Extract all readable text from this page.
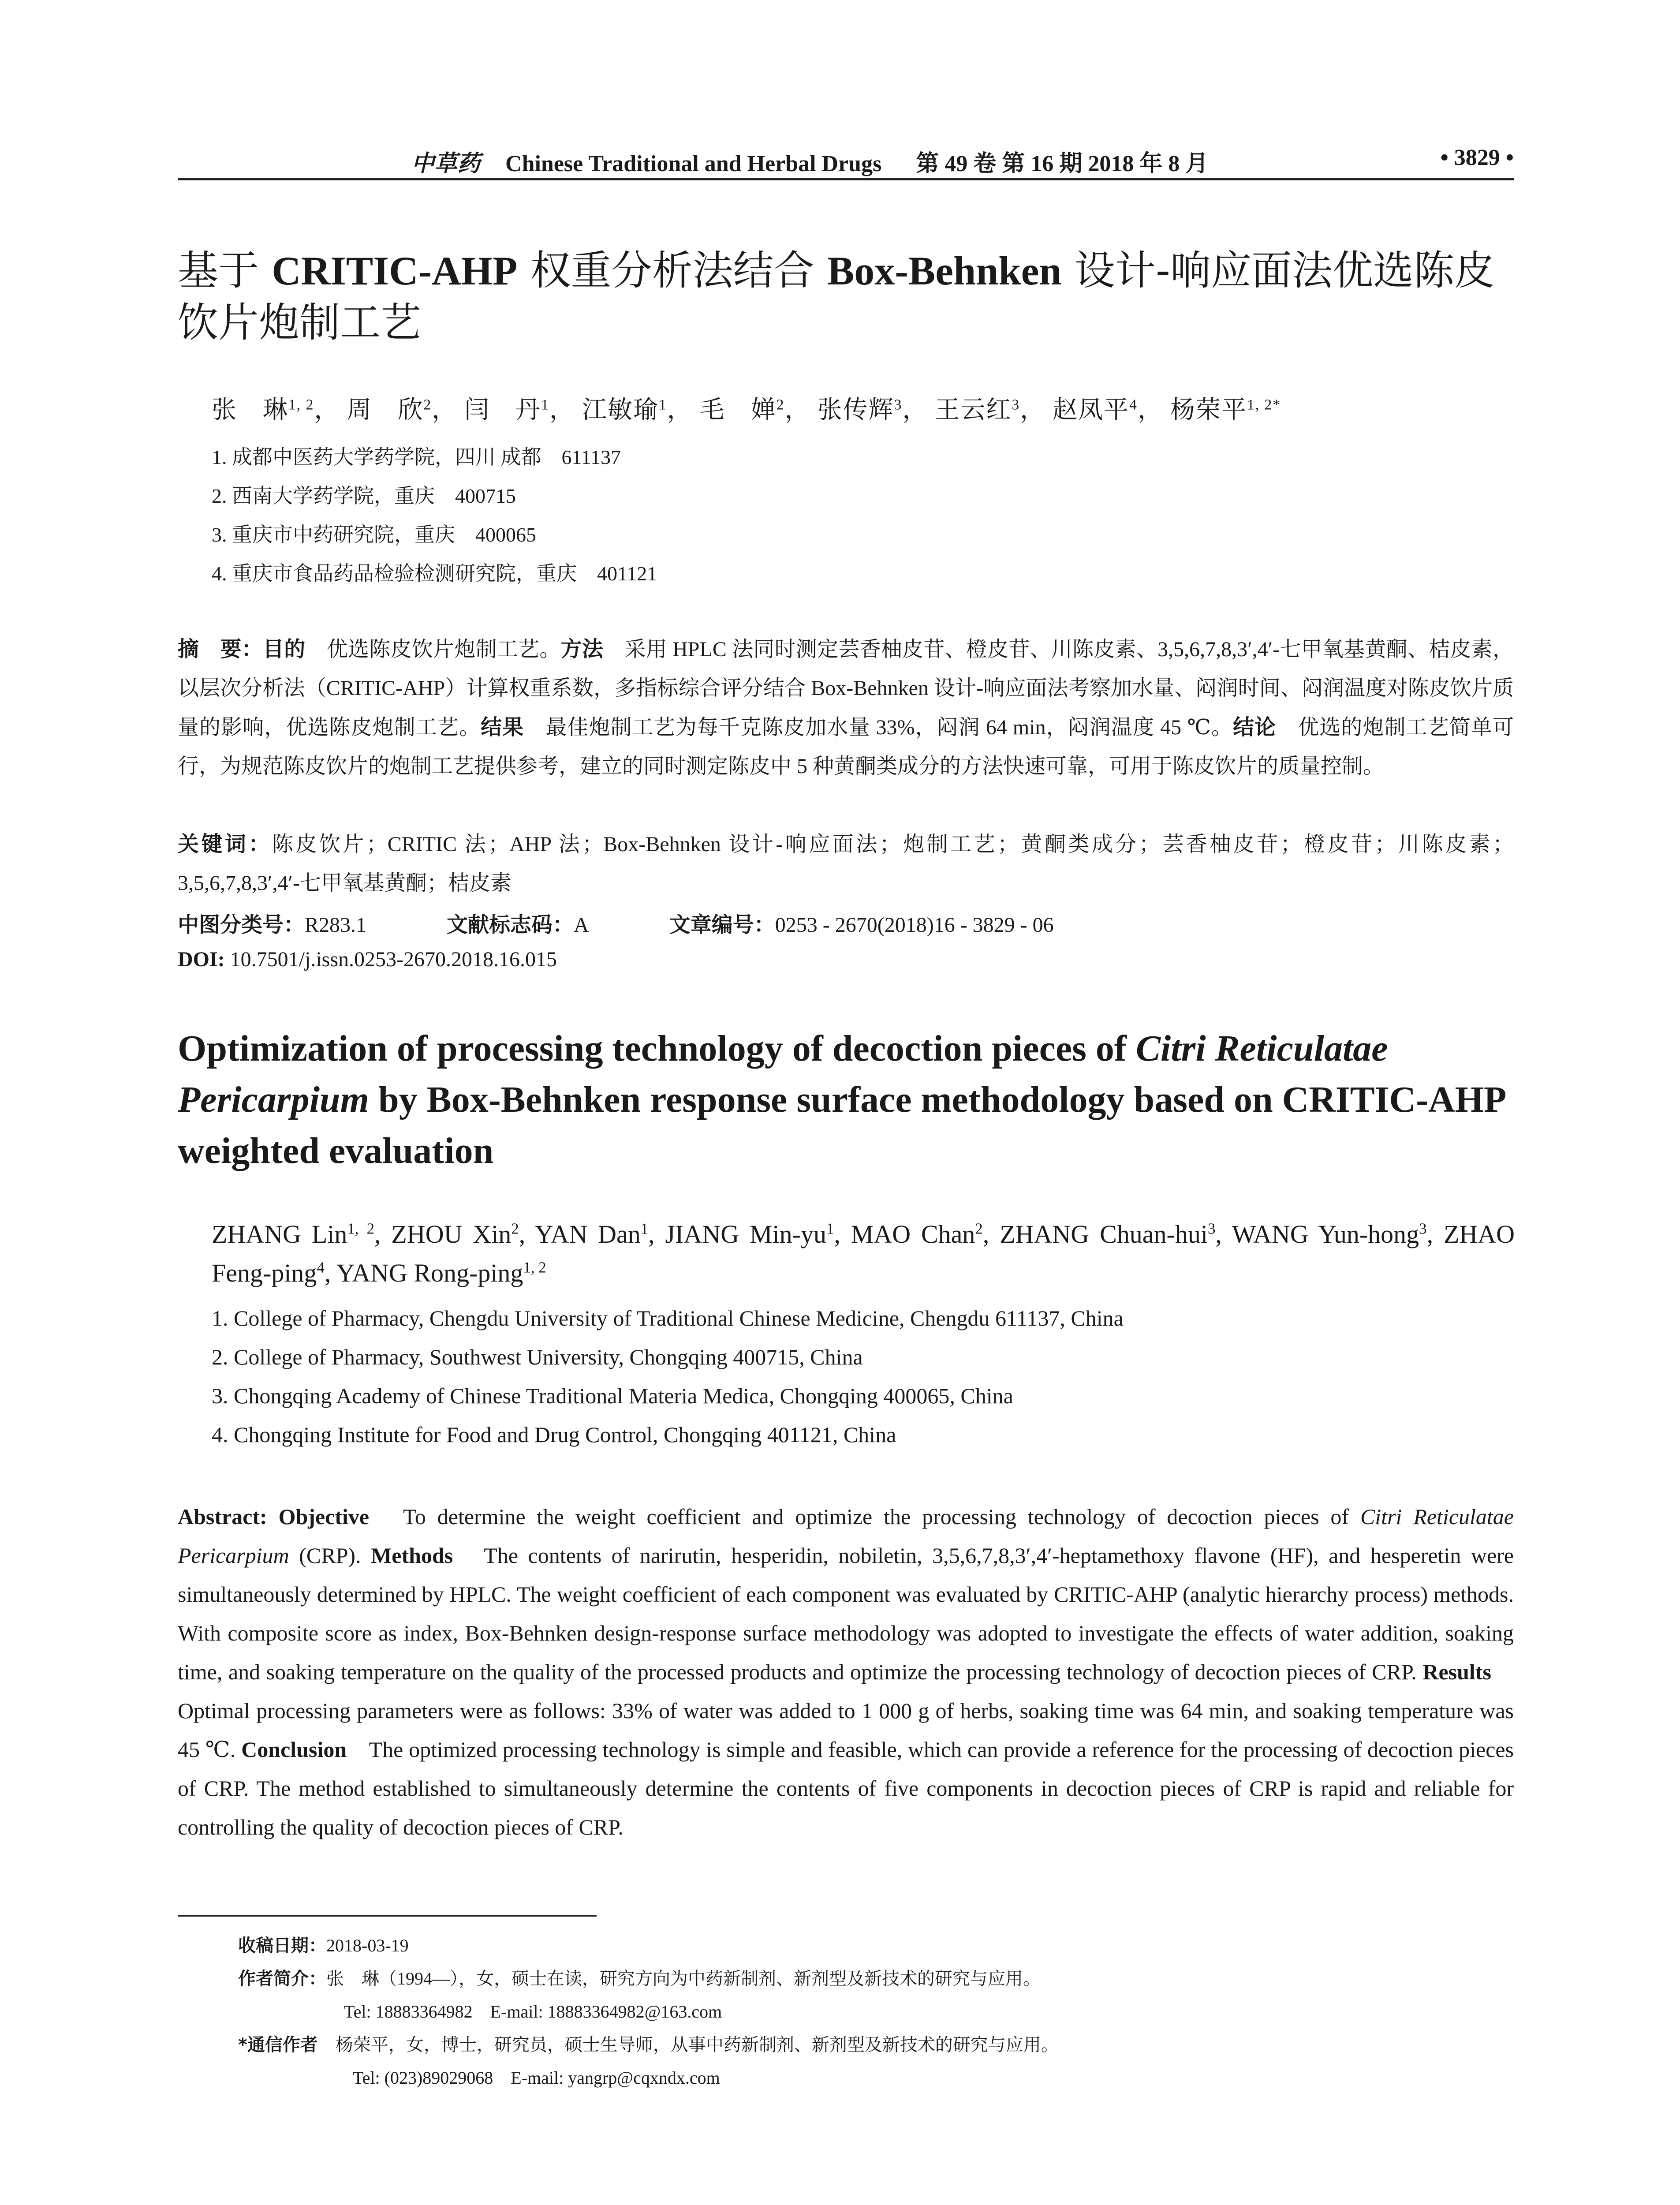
中草药 Chinese Traditional and Herbal Drugs 　 第 49 卷 第 16 期 2018 年 8 月	• 3829 •
基于 CRITIC-AHP 权重分析法结合 Box-Behnken 设计-响应面法优选陈皮饮片炮制工艺
张　琳$^{1, 2}$， 周　欣$^2$， 闫　丹$^1$， 江敏瑜$^1$， 毛　婵$^2$， 张传辉$^3$， 王云红$^3$， 赵凤平$^4$， 杨荣平$^{1, 2*}$
1. 成都中医药大学药学院，四川 成都　611137
2. 西南大学药学院，重庆　400715
3. 重庆市中药研究院，重庆　400065
4. 重庆市食品药品检验检测研究院，重庆　401121
摘　要：目的　优选陈皮饮片炮制工艺。方法　采用 HPLC 法同时测定芸香柚皮苷、橙皮苷、川陈皮素、3,5,6,7,8,3′,4′-七甲氧基黄酮、桔皮素，以层次分析法（CRITIC-AHP）计算权重系数，多指标综合评分结合 Box-Behnken 设计-响应面法考察加水量、闷润时间、闷润温度对陈皮饮片质量的影响，优选陈皮炮制工艺。结果　最佳炮制工艺为每千克陈皮加水量 33%，闷润 64 min，闷润温度 45 ℃。结论　优选的炮制工艺简单可行，为规范陈皮饮片的炮制工艺提供参考，建立的同时测定陈皮中 5 种黄酮类成分的方法快速可靠，可用于陈皮饮片的质量控制。
关键词：陈皮饮片；CRITIC 法；AHP 法；Box-Behnken 设计-响应面法；炮制工艺；黄酮类成分；芸香柚皮苷；橙皮苷；川陈皮素；3,5,6,7,8,3′,4′-七甲氧基黄酮；桔皮素
中图分类号：R283.1	文献标志码：A	文章编号：0253 - 2670(2018)16 - 3829 - 06
DOI: 10.7501/j.issn.0253-2670.2018.16.015
Optimization of processing technology of decoction pieces of Citri Reticulatae Pericarpium by Box-Behnken response surface methodology based on CRITIC-AHP weighted evaluation
ZHANG Lin$^{1, 2}$, ZHOU Xin$^2$, YAN Dan$^1$, JIANG Min-$yu^1$, MAO Chan$^2$, ZHANG Chuan-hui$^3$, WANG Yun-hong$^3$, ZHAO Feng-ping$^4$, YANG Rong-ping$^{1, 2}$
1. College of Pharmacy, Chengdu University of Traditional Chinese Medicine, Chengdu 611137, China
2. College of Pharmacy, Southwest University, Chongqing 400715, China
3. Chongqing Academy of Chinese Traditional Materia Medica, Chongqing 400065, China
4. Chongqing Institute for Food and Drug Control, Chongqing 401121, China
Abstract: Objective　To determine the weight coefficient and optimize the processing technology of decoction pieces of Citri Reticulatae Pericarpium (CRP). Methods　The contents of narirutin, hesperidin, nobiletin, 3,5,6,7,8,3′,4′-heptamethoxy flavone (HF), and hesperetin were simultaneously determined by HPLC. The weight coefficient of each component was evaluated by CRITIC-AHP (analytic hierarchy process) methods. With composite score as index, Box-Behnken design-response surface methodology was adopted to investigate the effects of water addition, soaking time, and soaking temperature on the quality of the processed products and optimize the processing technology of decoction pieces of CRP. Results　Optimal processing parameters were as follows: 33% of water was added to 1 000 g of herbs, soaking time was 64 min, and soaking temperature was 45 ℃. Conclusion　The optimized processing technology is simple and feasible, which can provide a reference for the processing of decoction pieces of CRP. The method established to simultaneously determine the contents of five components in decoction pieces of CRP is rapid and reliable for controlling the quality of decoction pieces of CRP.
收稿日期：2018-03-19
作者简介：张　琳（1994—），女，硕士在读，研究方向为中药新制剂、新剂型及新技术的研究与应用。
Tel: 18883364982　E-mail: 18883364982@163.com
*通信作者　杨荣平，女，博士，研究员，硕士生导师，从事中药新制剂、新剂型及新技术的研究与应用。
Tel: (023)89029068　E-mail: yangrp@cqxndx.com
